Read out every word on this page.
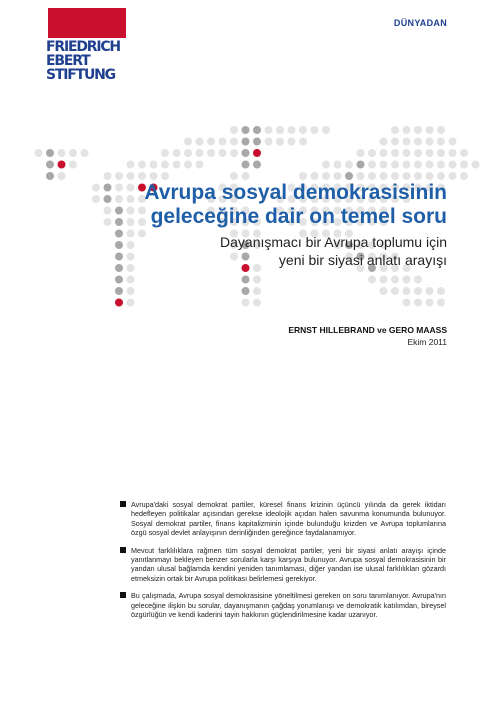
FRIEDRICH
EBERT
STIFTUNG
DÜNYADAN
Avrupa sosyal demokrasisinin
geleceğine dair on temel soru
Dayanışmacı bir Avrupa toplumu için
yeni bir siyasi anlatı arayışı
ERNST HILLEBRAND ve GERO MAASS
Ekim 2011
Avrupa'daki sosyal demokrat partiler, küresel finans krizinin üçüncü yılında da gerek iktidarı hedefleyen politikalar açısından gerekse ideolojik açıdan halen savunma konumunda bulunuyor. Sosyal demokrat partiler, finans kapitalizminin içinde bulunduğu krizden ve Avrupa toplumlarına özgü sosyal devlet anlayışının derinliğinden gereğince faydalanamıyor.
Mevcut farklılıklara rağmen tüm sosyal demokrat partiler, yeni bir siyasi anlatı arayışı içinde yanıtlanmayı bekleyen benzer sorularla karşı karşıya bulunuyor. Avrupa sosyal demokrasisinin bir yandan ulusal bağlamda kendini yeniden tanımlaması, diğer yandan ise ulusal farklılıkları gözardı etmeksizin ortak bir Avrupa politikası belirlemesi gerekiyor.
Bu çalışmada, Avrupa sosyal demokrasisine yöneltilmesi gereken on soru tanımlanıyor. Avrupa'nın geleceğine ilişkin bu sorular, dayanışmanın çağdaş yorumlanışı ve demokratik katılımdan, bireysel özgürlüğün ve kendi kaderini tayin hakkının güçlendirilmesine kadar uzanıyor.
